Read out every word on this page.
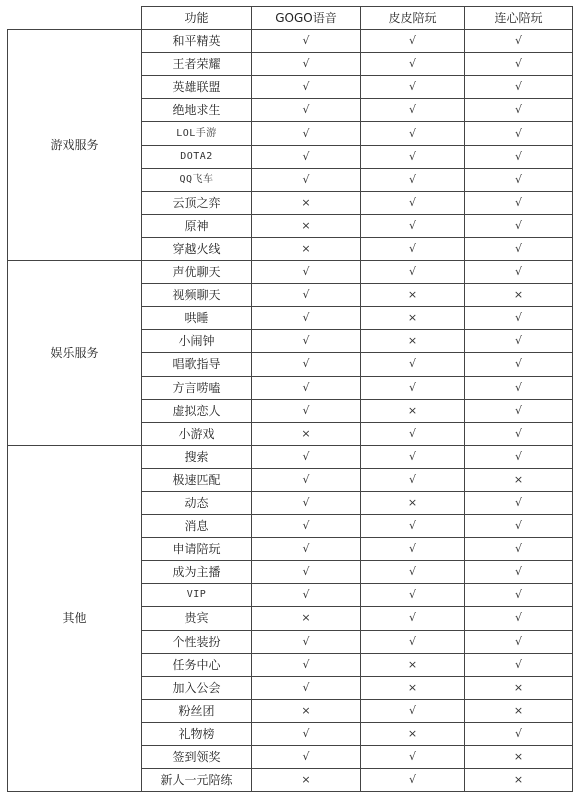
	功能	GOGO语音	皮皮陪玩	连心陪玩
游戏服务	和平精英	√	√	√
	王者荣耀	√	√	√
	英雄联盟	√	√	√
	绝地求生	√	√	√
	LOL手游	√	√	√
	DOTA2	√	√	√
	QQ飞车	√	√	√
	云顶之弈	×	√	√
	原神	×	√	√
	穿越火线	×	√	√
娱乐服务	声优聊天	√	√	√
	视频聊天	√	×	×
	哄睡	√	×	√
	小闹钟	√	×	√
	唱歌指导	√	√	√
	方言唠嗑	√	√	√
	虚拟恋人	√	×	√
	小游戏	×	√	√
其他	搜索	√	√	√
	极速匹配	√	√	×
	动态	√	×	√
	消息	√	√	√
	申请陪玩	√	√	√
	成为主播	√	√	√
	VIP	√	√	√
	贵宾	×	√	√
	个性装扮	√	√	√
	任务中心	√	×	√
	加入公会	√	×	×
	粉丝团	×	√	×
	礼物榜	√	×	√
	签到领奖	√	√	×
	新人一元陪练	×	√	×
